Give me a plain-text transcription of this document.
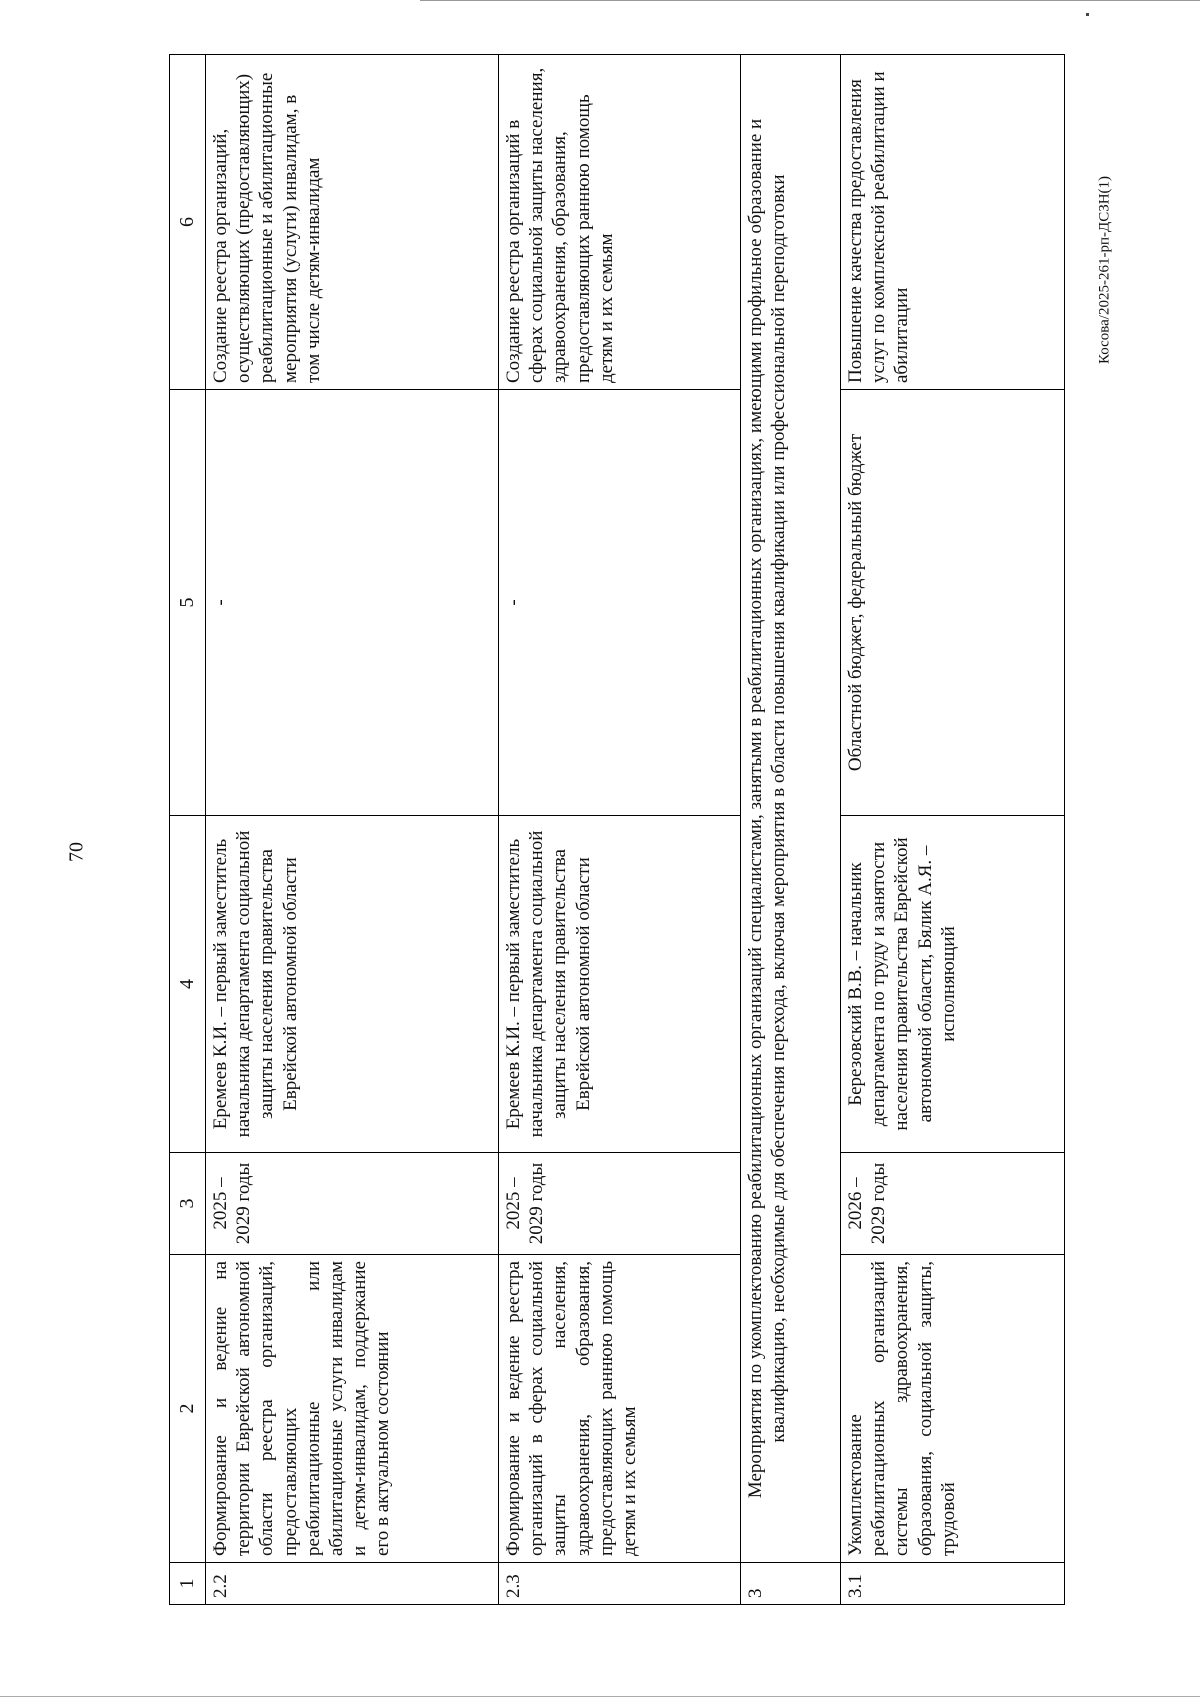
70
1	2	3	4	5	6
2.2	Формирование и ведение на территории Еврейской автономной области реестра организаций, предоставляющих реабилитационные или абилитационные услуги инвалидам и детям-инвалидам, поддержание его в актуальном состоянии	2025 – 2029 годы	Еремеев К.И. – первый заместитель начальника департамента социальной защиты населения правительства Еврейской автономной области	-	Создание реестра организаций, осуществляющих (предоставляющих) реабилитационные и абилитационные мероприятия (услуги) инвалидам, в том числе детям-инвалидам
2.3	Формирование и ведение реестра организаций в сферах социальной защиты населения, здравоохранения, образования, предоставляющих раннюю помощь детям и их семьям	2025 – 2029 годы	Еремеев К.И. – первый заместитель начальника департамента социальной защиты населения правительства Еврейской автономной области	-	Создание реестра организаций в сферах социальной защиты населения, здравоохранения, образования, предоставляющих раннюю помощь детям и их семьям
3	Мероприятия по укомплектованию реабилитационных организаций специалистами, занятыми в реабилитационных организациях, имеющими профильное образование и квалификацию, необходимые для обеспечения перехода, включая мероприятия в области повышения квалификации или профессиональной переподготовки				
3.1	Укомплектование реабилитационных организаций системы здравоохранения, образования, социальной защиты, трудовой	2026 – 2029 годы	Березовский В.В. – начальник департамента по труду и занятости населения правительства Еврейской автономной области, Бялик А.Я. – исполняющий	Областной бюджет, федеральный бюджет	Повышение качества предоставления услуг по комплексной реабилитации и абилитации	Косова/2025-261-рп-ДСЗН(1)
